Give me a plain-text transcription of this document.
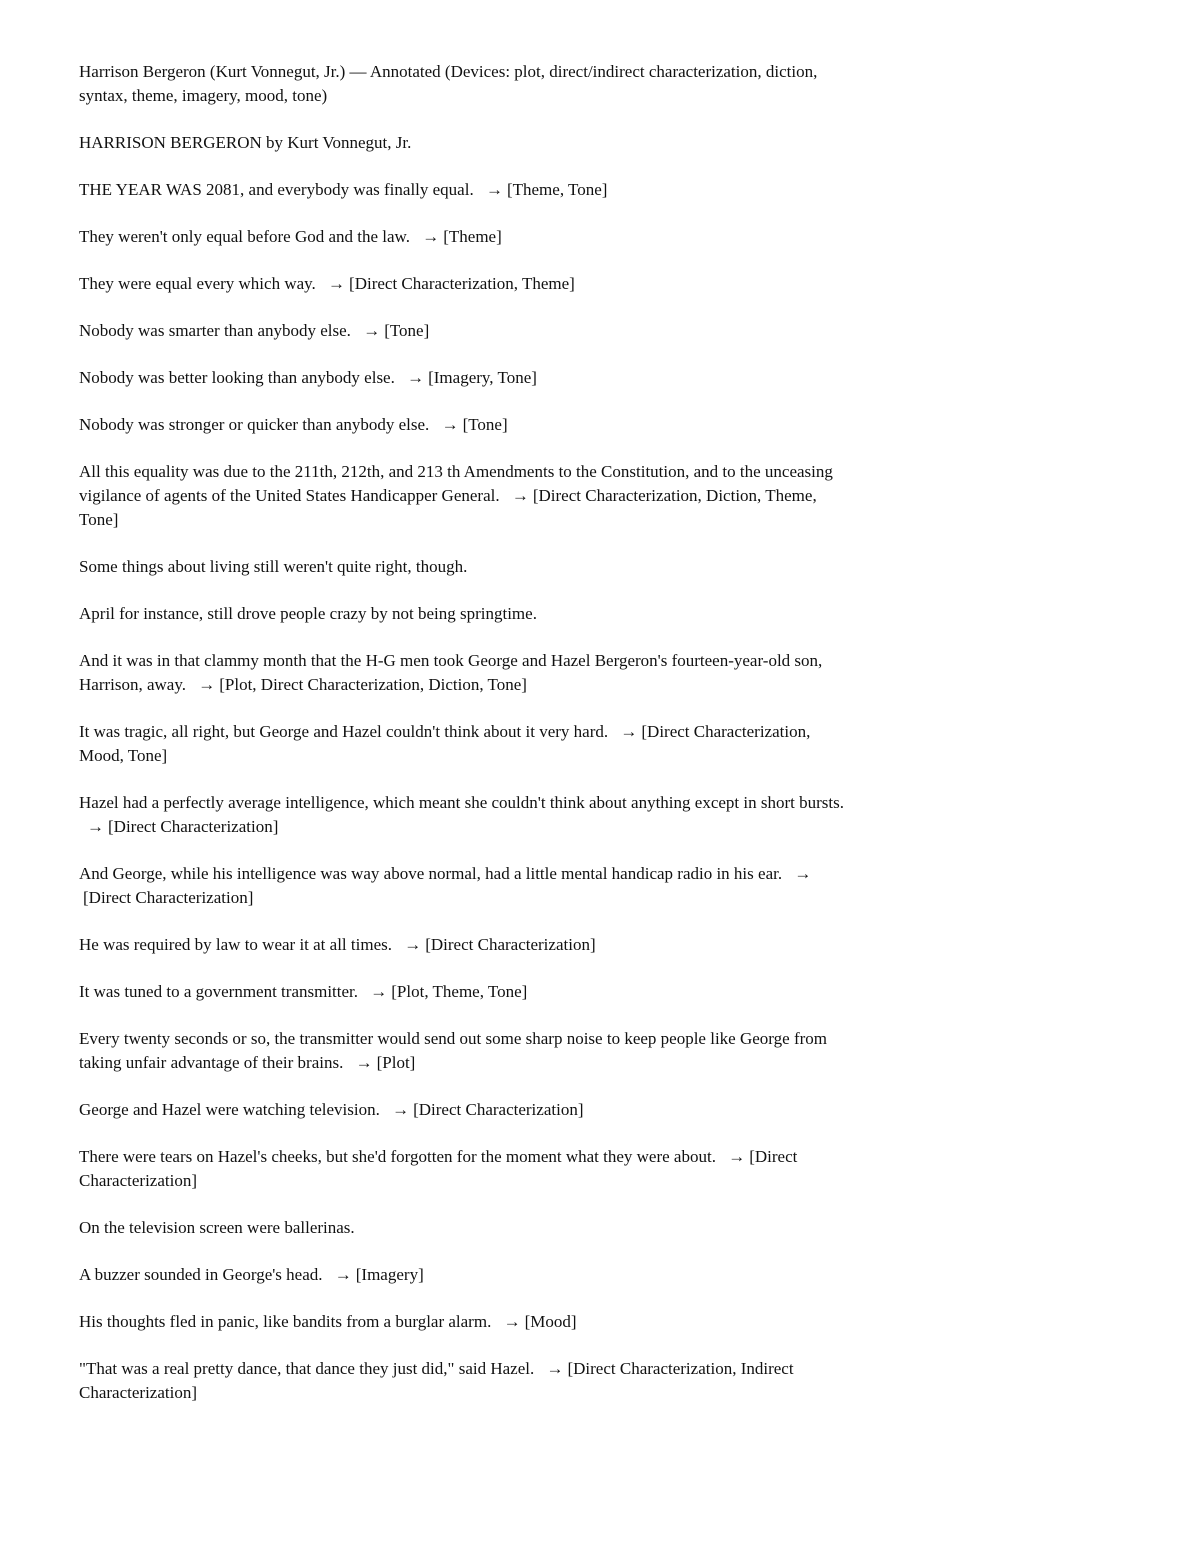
Harrison Bergeron (Kurt Vonnegut, Jr.) — Annotated (Devices: plot, direct/indirect characterization, diction, syntax, theme, imagery, mood, tone)

HARRISON BERGERON by Kurt Vonnegut, Jr.

THE YEAR WAS 2081, and everybody was finally equal. → [Theme, Tone]

They weren't only equal before God and the law. → [Theme]

They were equal every which way. → [Direct Characterization, Theme]

Nobody was smarter than anybody else. → [Tone]

Nobody was better looking than anybody else. → [Imagery, Tone]

Nobody was stronger or quicker than anybody else. → [Tone]

All this equality was due to the 211th, 212th, and 213 th Amendments to the Constitution, and to the unceasing vigilance of agents of the United States Handicapper General. → [Direct Characterization, Diction, Theme, Tone]

Some things about living still weren't quite right, though.

April for instance, still drove people crazy by not being springtime.

And it was in that clammy month that the H-G men took George and Hazel Bergeron's fourteen-year-old son, Harrison, away. → [Plot, Direct Characterization, Diction, Tone]

It was tragic, all right, but George and Hazel couldn't think about it very hard. → [Direct Characterization, Mood, Tone]

Hazel had a perfectly average intelligence, which meant she couldn't think about anything except in short bursts. → [Direct Characterization]

And George, while his intelligence was way above normal, had a little mental handicap radio in his ear. →[Direct Characterization]

He was required by law to wear it at all times. → [Direct Characterization]

It was tuned to a government transmitter. → [Plot, Theme, Tone]

Every twenty seconds or so, the transmitter would send out some sharp noise to keep people like George from taking unfair advantage of their brains. → [Plot]

George and Hazel were watching television. → [Direct Characterization]

There were tears on Hazel's cheeks, but she'd forgotten for the moment what they were about. → [Direct Characterization]

On the television screen were ballerinas.

A buzzer sounded in George's head. → [Imagery]

His thoughts fled in panic, like bandits from a burglar alarm. → [Mood]

"That was a real pretty dance, that dance they just did," said Hazel. → [Direct Characterization, Indirect Characterization]
